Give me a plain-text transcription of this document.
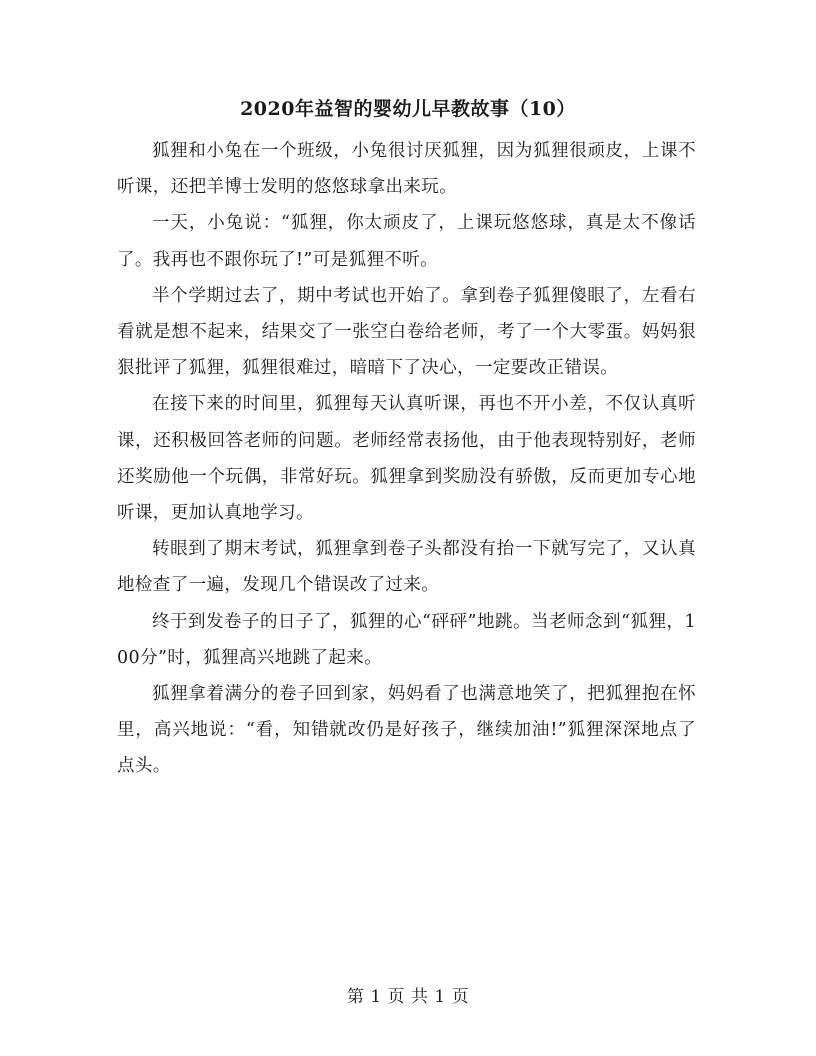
2020年益智的婴幼儿早教故事（10）

狐狸和小兔在一个班级，小兔很讨厌狐狸，因为狐狸很顽皮，上课不听课，还把羊博士发明的悠悠球拿出来玩。

一天，小兔说：“狐狸，你太顽皮了，上课玩悠悠球，真是太不像话了。我再也不跟你玩了!”可是狐狸不听。

半个学期过去了，期中考试也开始了。拿到卷子狐狸傻眼了，左看右看就是想不起来，结果交了一张空白卷给老师，考了一个大零蛋。妈妈狠狠批评了狐狸，狐狸很难过，暗暗下了决心，一定要改正错误。

在接下来的时间里，狐狸每天认真听课，再也不开小差，不仅认真听课，还积极回答老师的问题。老师经常表扬他，由于他表现特别好，老师还奖励他一个玩偶，非常好玩。狐狸拿到奖励没有骄傲，反而更加专心地听课，更加认真地学习。

转眼到了期末考试，狐狸拿到卷子头都没有抬一下就写完了，又认真地检查了一遍，发现几个错误改了过来。

终于到发卷子的日子了，狐狸的心“砰砰”地跳。当老师念到“狐狸，100分”时，狐狸高兴地跳了起来。

狐狸拿着满分的卷子回到家，妈妈看了也满意地笑了，把狐狸抱在怀里，高兴地说：“看，知错就改仍是好孩子，继续加油!”狐狸深深地点了点头。

第 1 页 共 1 页
